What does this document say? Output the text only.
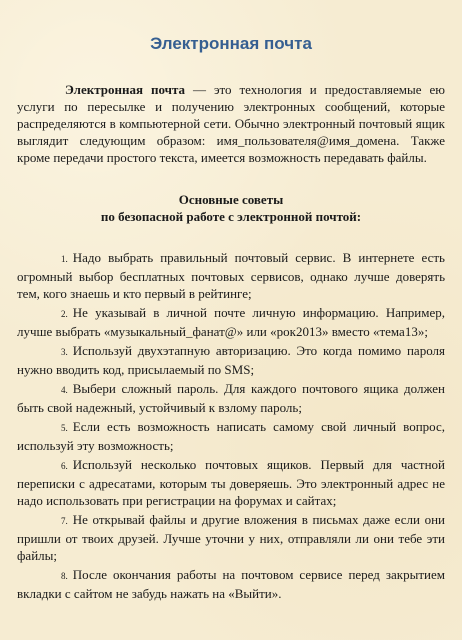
Электронная почта

Электронная почта — это технология и предоставляемые ею услуги по пересылке и получению электронных сообщений, которые распределяются в компьютерной сети. Обычно электронный почтовый ящик выглядит следующим образом: имя_пользователя@имя_домена. Также кроме передачи простого текста, имеется возможность передавать файлы.

Основные советы
по безопасной работе с электронной почтой:
1. Надо выбрать правильный почтовый сервис. В интернете есть огромный выбор бесплатных почтовых сервисов, однако лучше доверять тем, кого знаешь и кто первый в рейтинге;
2. Не указывай в личной почте личную информацию. Например, лучше выбрать «музыкальный_фанат@» или «рок2013» вместо «тема13»;
3. Используй двухэтапную авторизацию. Это когда помимо пароля нужно вводить код, присылаемый по SMS;
4. Выбери сложный пароль. Для каждого почтового ящика должен быть свой надежный, устойчивый к взлому пароль;
5. Если есть возможность написать самому свой личный вопрос, используй эту возможность;
6. Используй несколько почтовых ящиков. Первый для частной переписки с адресатами, которым ты доверяешь. Это электронный адрес не надо использовать при регистрации на форумах и сайтах;
7. Не открывай файлы и другие вложения в письмах даже если они пришли от твоих друзей. Лучше уточни у них, отправляли ли они тебе эти файлы;
8. После окончания работы на почтовом сервисе перед закрытием вкладки с сайтом не забудь нажать на «Выйти».
